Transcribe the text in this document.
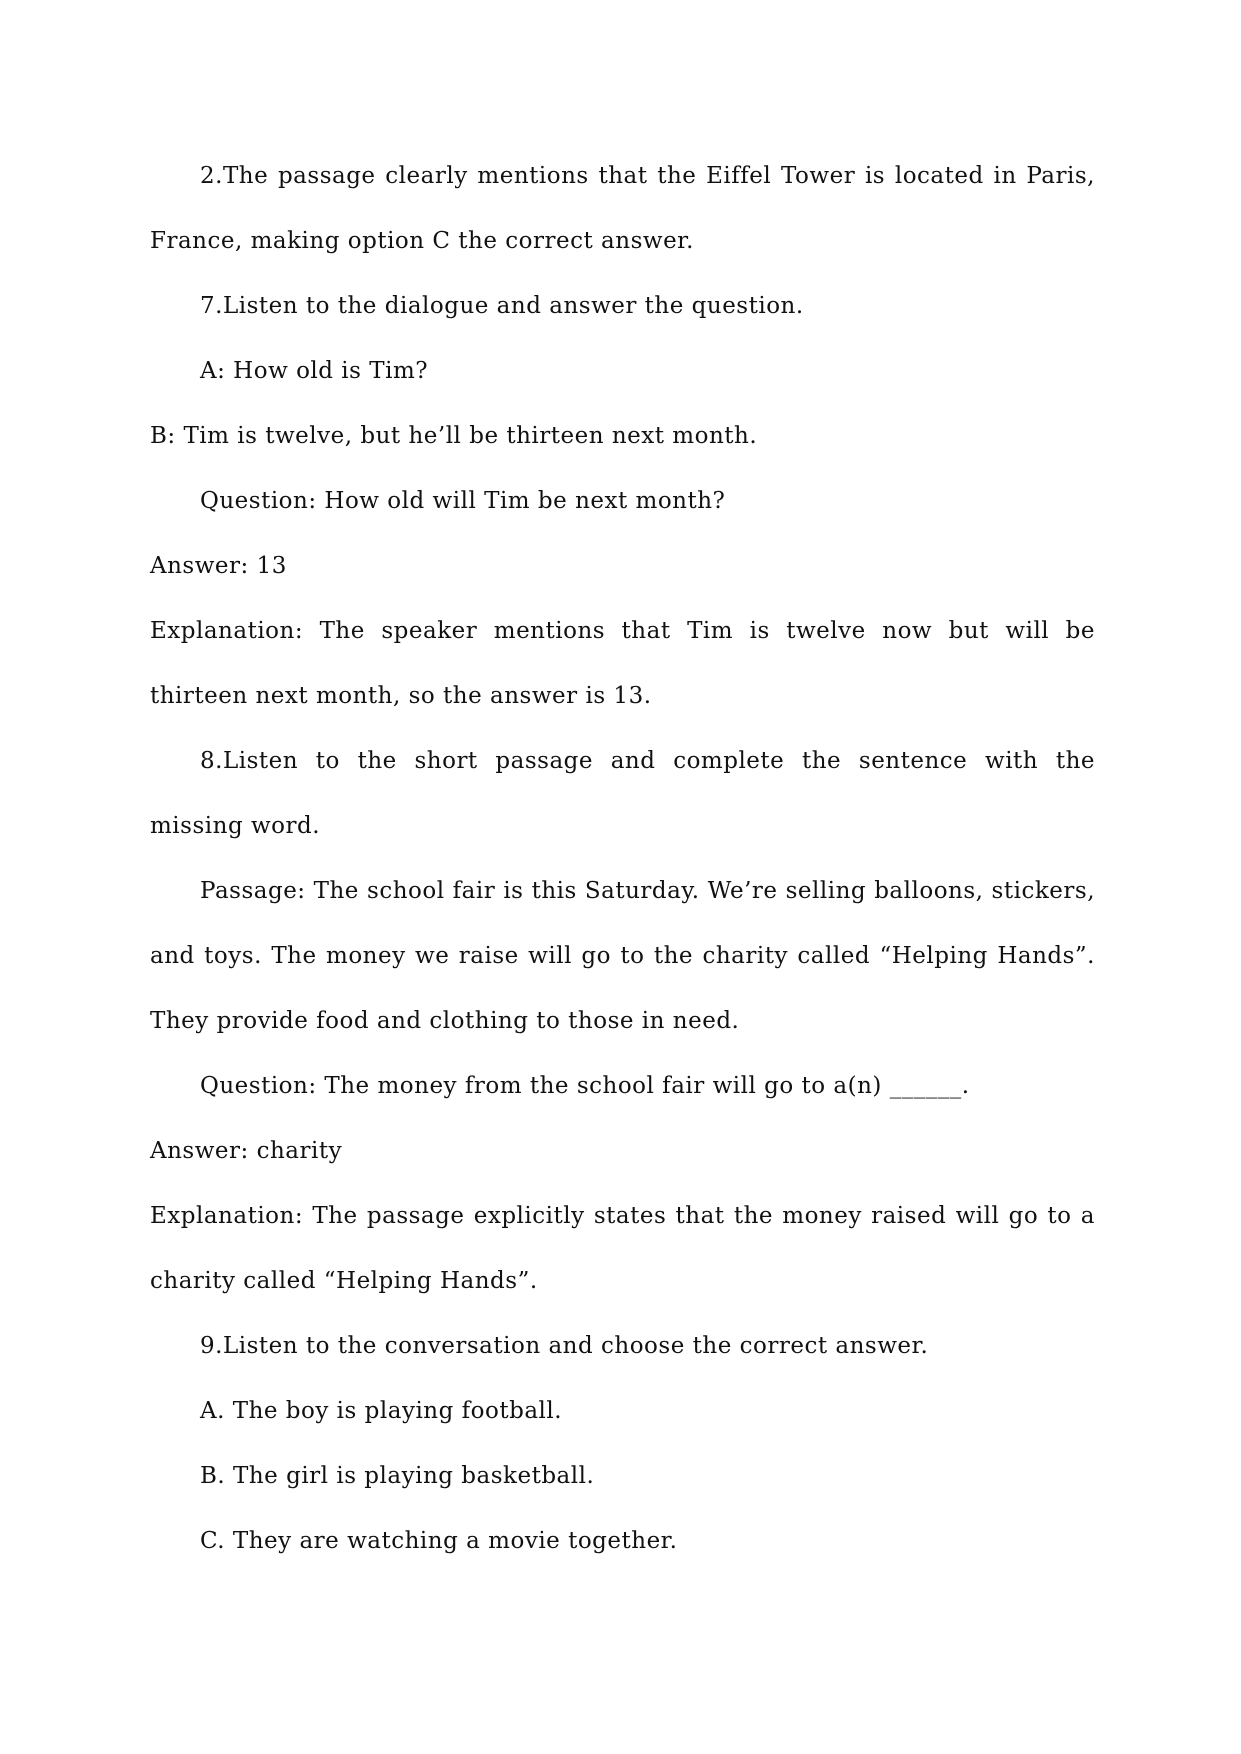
2.The passage clearly mentions that the Eiffel Tower is located in Paris, France, making option C the correct answer.

7.Listen to the dialogue and answer the question.

A: How old is Tim?

B: Tim is twelve, but he’ll be thirteen next month.

Question: How old will Tim be next month?

Answer: 13

Explanation: The speaker mentions that Tim is twelve now but will be thirteen next month, so the answer is 13.

8.Listen to the short passage and complete the sentence with the missing word.

Passage: The school fair is this Saturday. We’re selling balloons, stickers, and toys. The money we raise will go to the charity called “Helping Hands”. They provide food and clothing to those in need.

Question: The money from the school fair will go to a(n) ______.

Answer: charity

Explanation: The passage explicitly states that the money raised will go to a charity called “Helping Hands”.

9.Listen to the conversation and choose the correct answer.

A. The boy is playing football.

B. The girl is playing basketball.

C. They are watching a movie together.
